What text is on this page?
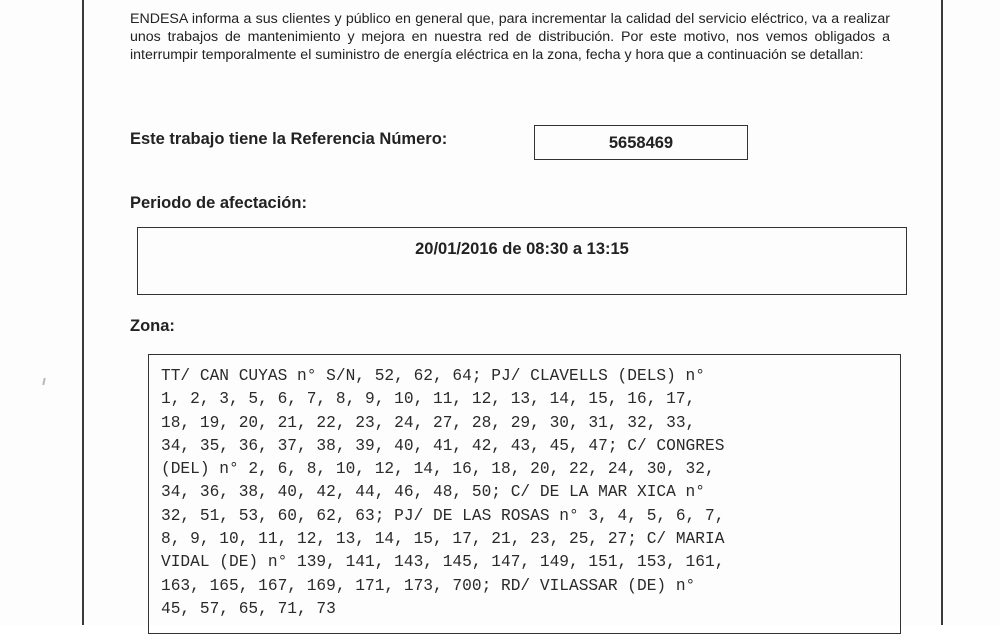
ENDESA informa a sus clientes y público en general que, para incrementar la calidad del servicio eléctrico, va a realizar unos trabajos de mantenimiento y mejora en nuestra red de distribución. Por este motivo, nos vemos obligados a interrumpir temporalmente el suministro de energía eléctrica en la zona, fecha y hora que a continuación se detallan:
Este trabajo tiene la Referencia Número:	5658469
Periodo de afectación:
20/01/2016 de 08:30 a 13:15
Zona:
TT/ CAN CUYAS n° S/N, 52, 62, 64; PJ/ CLAVELLS (DELS) n°
1, 2, 3, 5, 6, 7, 8, 9, 10, 11, 12, 13, 14, 15, 16, 17,
18, 19, 20, 21, 22, 23, 24, 27, 28, 29, 30, 31, 32, 33,
34, 35, 36, 37, 38, 39, 40, 41, 42, 43, 45, 47; C/ CONGRES
(DEL) n° 2, 6, 8, 10, 12, 14, 16, 18, 20, 22, 24, 30, 32,
34, 36, 38, 40, 42, 44, 46, 48, 50; C/ DE LA MAR XICA n°
32, 51, 53, 60, 62, 63; PJ/ DE LAS ROSAS n° 3, 4, 5, 6, 7,
8, 9, 10, 11, 12, 13, 14, 15, 17, 21, 23, 25, 27; C/ MARIA
VIDAL (DE) n° 139, 141, 143, 145, 147, 149, 151, 153, 161,
163, 165, 167, 169, 171, 173, 700; RD/ VILASSAR (DE) n°
45, 57, 65, 71, 73
